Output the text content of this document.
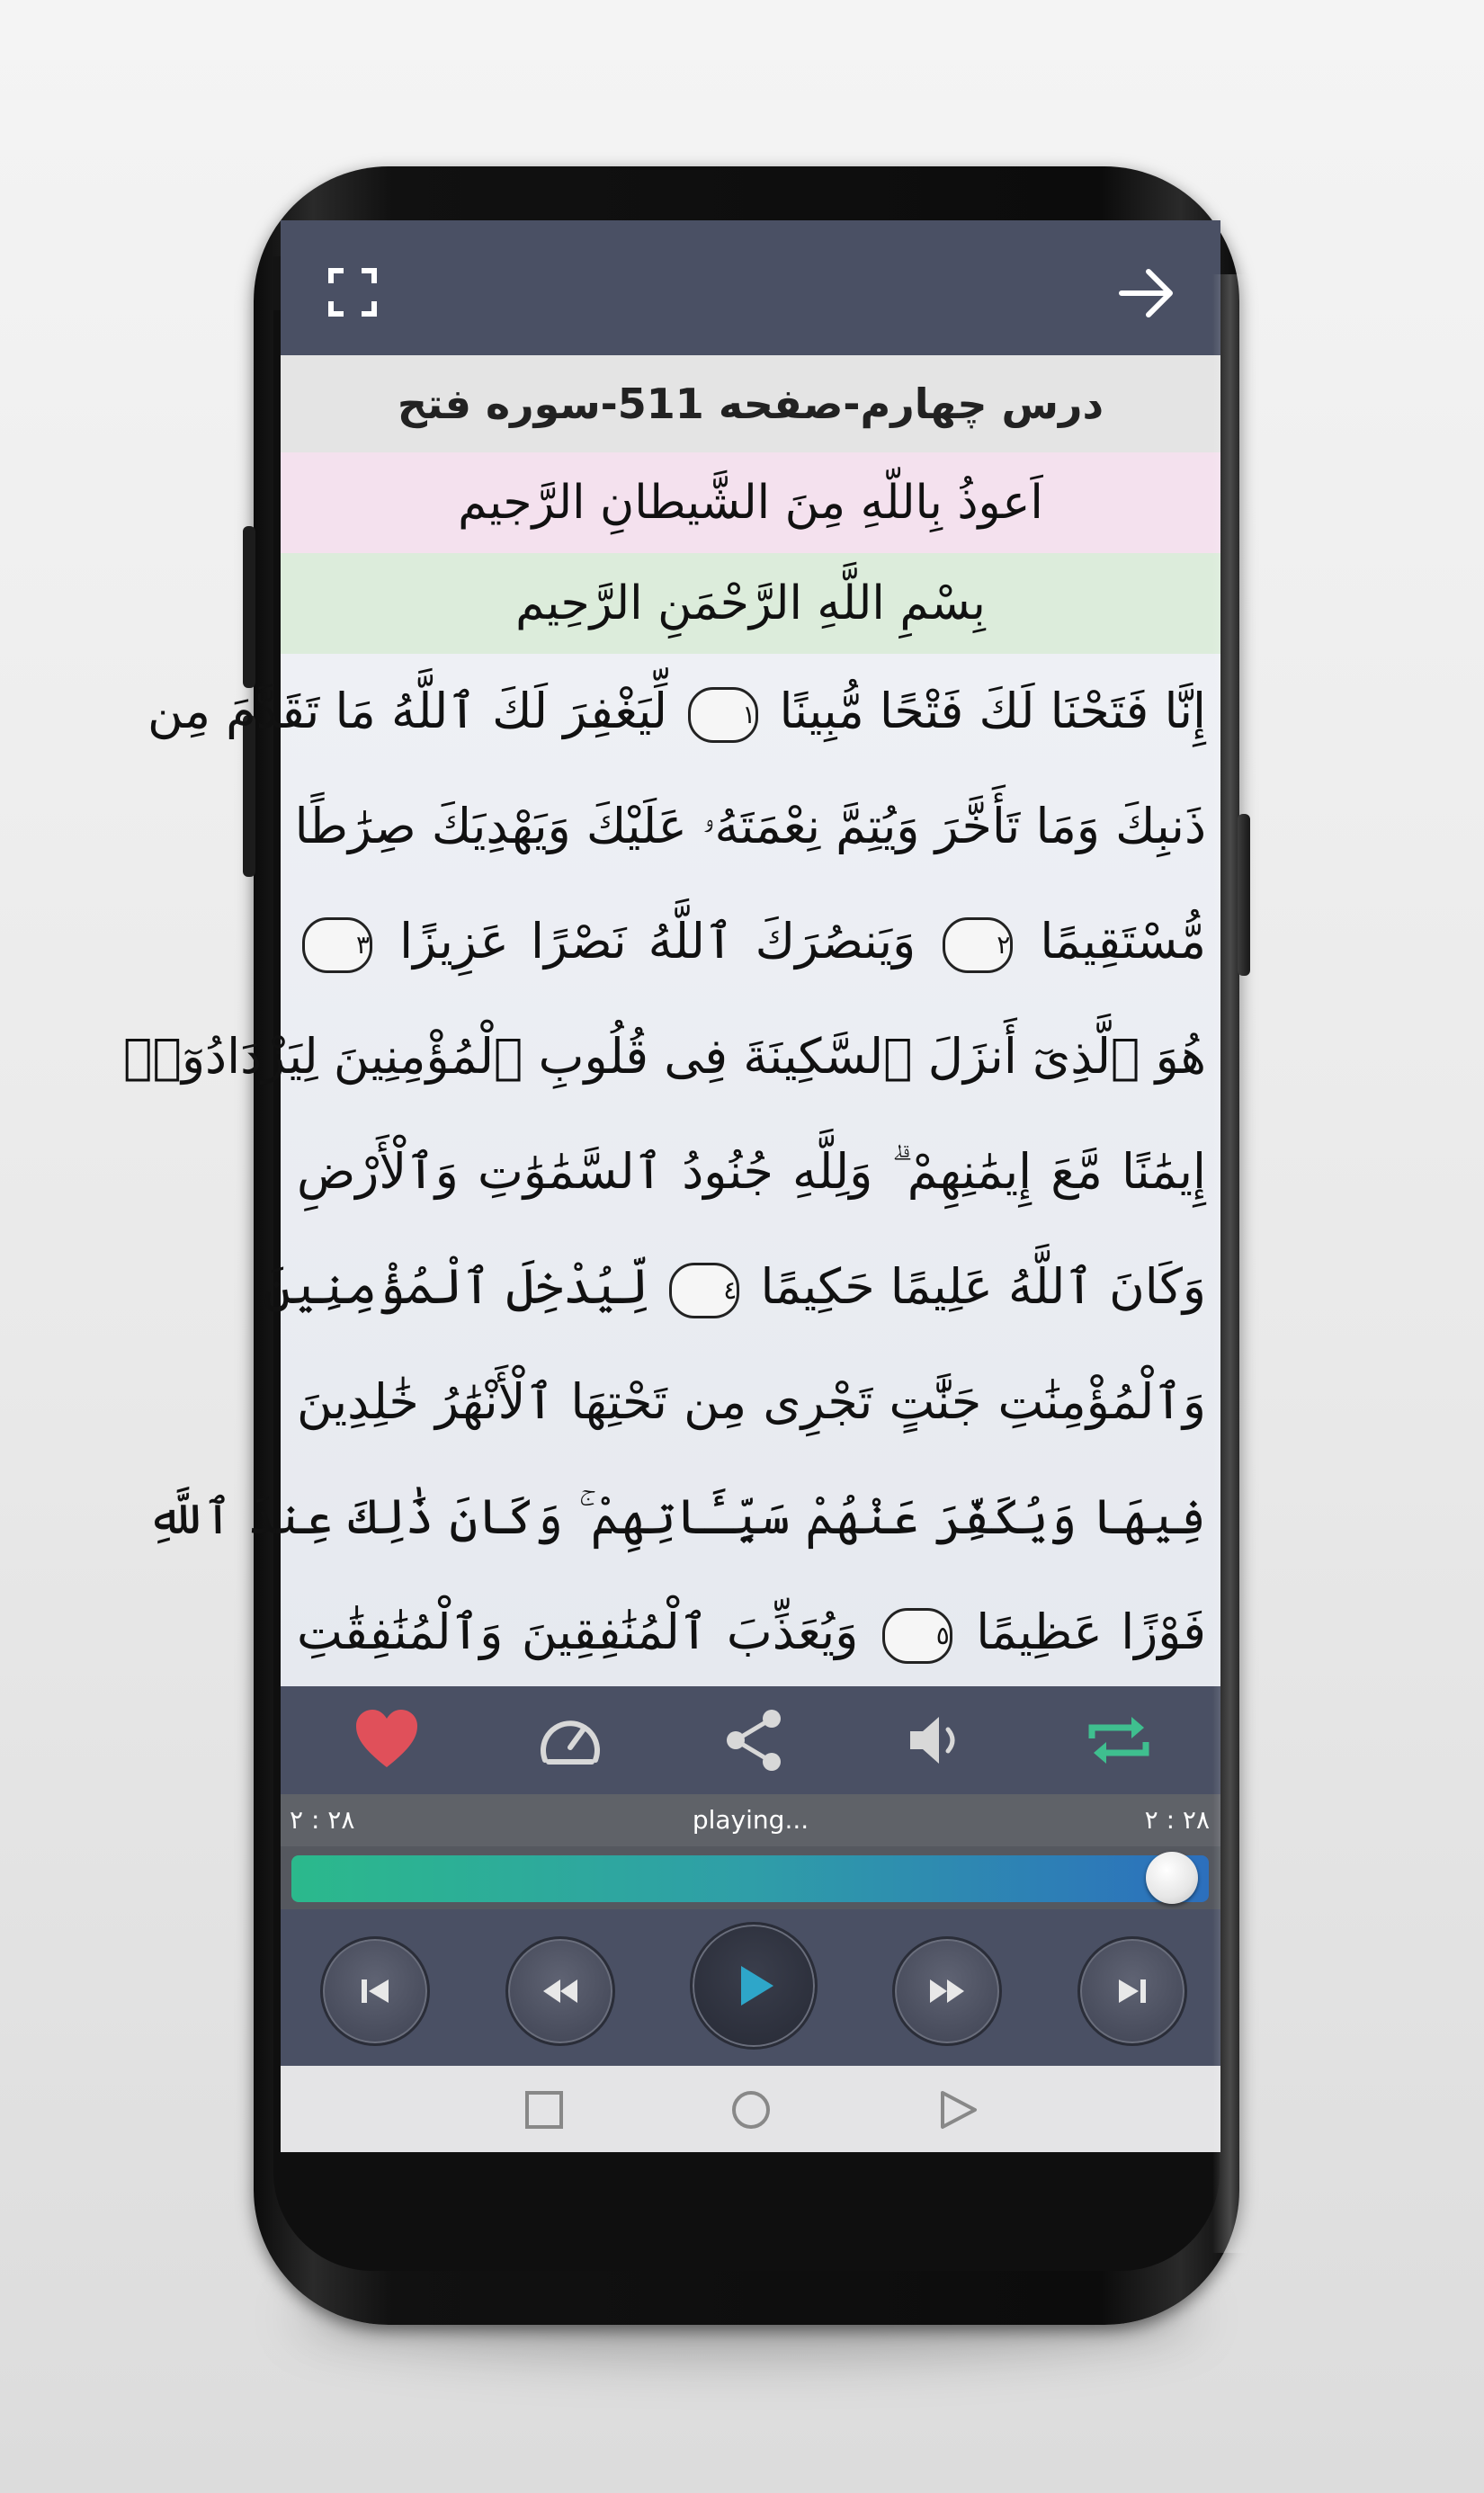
درس چهارم-صفحه 511-سوره فتح
اَعوذُ بِاللّهِ مِنَ الشَّیطانِ الرَّجیم
بِسْمِ اللَّهِ الرَّحْمَنِ الرَّحِيم
إِنَّا فَتَحْنَا لَكَ فَتْحًا مُّبِينًا ١ لِّيَغْفِرَ لَكَ ٱللَّهُ مَا تَقَدَّمَ مِن
ذَنبِكَ وَمَا تَأَخَّرَ وَيُتِمَّ نِعْمَتَهُۥ عَلَيْكَ وَيَهْدِيَكَ صِرَٰطًا
مُّسْتَقِيمًا ٢ وَيَنصُرَكَ ٱللَّهُ نَصْرًا عَزِيزًا ٣
هُوَ ٱلَّذِىٓ أَنزَلَ ٱلسَّكِينَةَ فِى قُلُوبِ ٱلْمُؤْمِنِينَ لِيَزْدَادُوٓا۟
إِيمَٰنًا مَّعَ إِيمَٰنِهِمْ ۗ وَلِلَّهِ جُنُودُ ٱلسَّمَٰوَٰتِ وَٱلْأَرْضِ
وَكَانَ ٱللَّهُ عَلِيمًا حَكِيمًا ٤ لِّيُدْخِلَ ٱلْمُؤْمِنِينَ
وَٱلْمُؤْمِنَٰتِ جَنَّٰتٍ تَجْرِى مِن تَحْتِهَا ٱلْأَنْهَٰرُ خَٰلِدِينَ
فِيهَا وَيُكَفِّرَ عَنْهُمْ سَيِّـَٔاتِهِمْ ۚ وَكَانَ ذَٰلِكَ عِندَ ٱللَّهِ
فَوْزًا عَظِيمًا ٥ وَيُعَذِّبَ ٱلْمُنَٰفِقِينَ وَٱلْمُنَٰفِقَٰتِ
۲ : ۲۸	playing...	۲ : ۲۸
